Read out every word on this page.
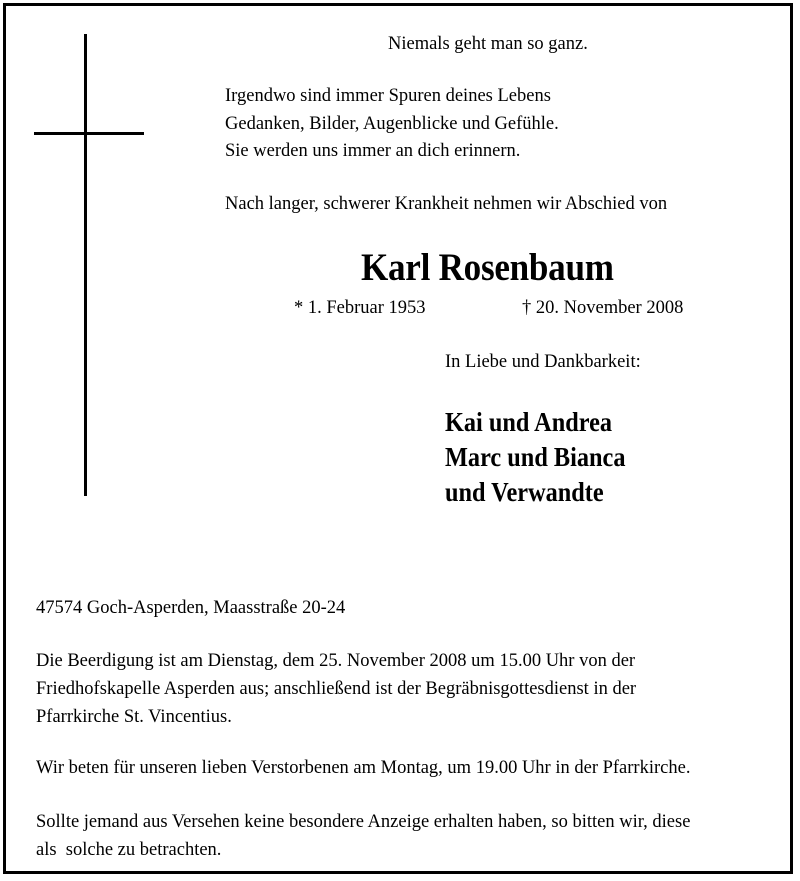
Niemals geht man so ganz.
Irgendwo sind immer Spuren deines Lebens
Gedanken, Bilder, Augenblicke und Gefühle.
Sie werden uns immer an dich erinnern.
Nach langer, schwerer Krankheit nehmen wir Abschied von
Karl Rosenbaum
* 1. Februar 1953	† 20. November 2008
In Liebe und Dankbarkeit:
Kai und Andrea
Marc und Bianca
und Verwandte
47574 Goch-Asperden, Maasstraße 20-24
Die Beerdigung ist am Dienstag, dem 25. November 2008 um 15.00 Uhr von der
Friedhofskapelle Asperden aus; anschließend ist der Begräbnisgottesdienst in der
Pfarrkirche St. Vincentius.
Wir beten für unseren lieben Verstorbenen am Montag, um 19.00 Uhr in der Pfarrkirche.
Sollte jemand aus Versehen keine besondere Anzeige erhalten haben, so bitten wir, diese
als  solche zu betrachten.
